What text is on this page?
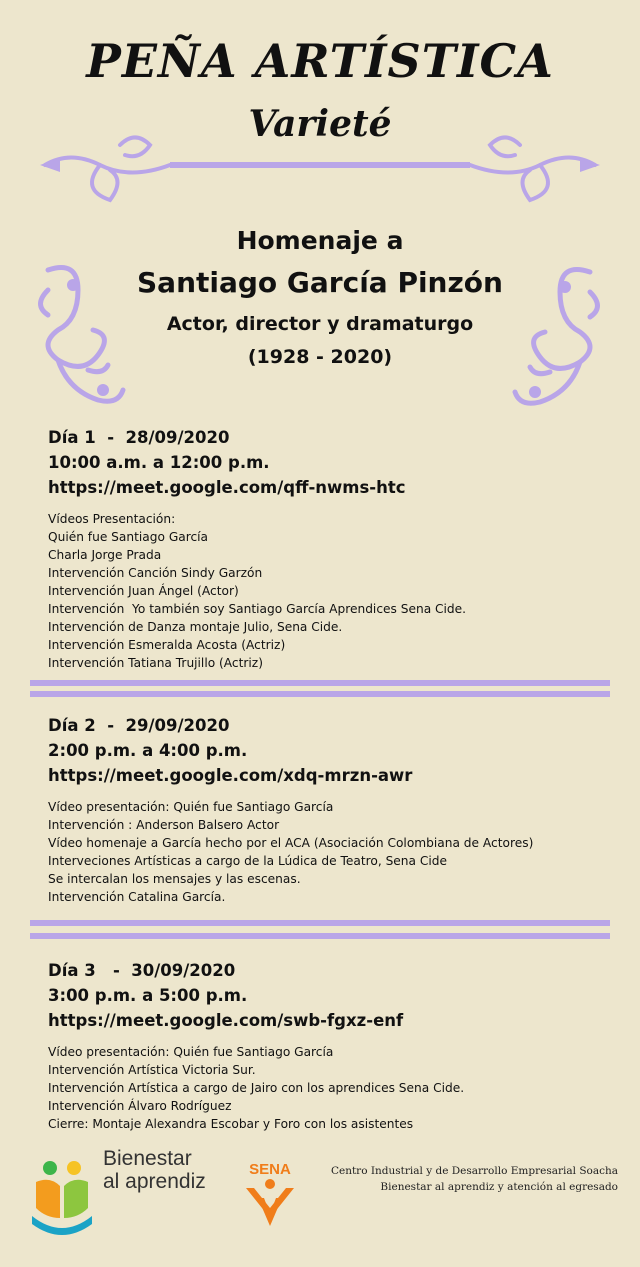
PEÑA ARTÍSTICA
Varieté
Homenaje a
Santiago García Pinzón
Actor, director y dramaturgo
(1928 - 2020)
Día 1  -  28/09/2020
10:00 a.m. a 12:00 p.m.
https://meet.google.com/qff-nwms-htc
Vídeos Presentación:
Quién fue Santiago García
Charla Jorge Prada
Intervención Canción Sindy Garzón
Intervención Juan Ángel (Actor)
Intervención  Yo también soy Santiago García Aprendices Sena Cide.
Intervención de Danza montaje Julio, Sena Cide.
Intervención Esmeralda Acosta (Actriz)
Intervención Tatiana Trujillo (Actriz)
Día 2  -  29/09/2020
2:00 p.m. a 4:00 p.m.
https://meet.google.com/xdq-mrzn-awr
Vídeo presentación: Quién fue Santiago García
Intervención : Anderson Balsero Actor
Vídeo homenaje a García hecho por el ACA (Asociación Colombiana de Actores)
Interveciones Artísticas a cargo de la Lúdica de Teatro, Sena Cide
Se intercalan los mensajes y las escenas.
Intervención Catalina García.
Día 3   -  30/09/2020
3:00 p.m. a 5:00 p.m.
https://meet.google.com/swb-fgxz-enf
Vídeo presentación: Quién fue Santiago García
Intervención Artística Victoria Sur.
Intervención Artística a cargo de Jairo con los aprendices Sena Cide.
Intervención Álvaro Rodríguez
Cierre: Montaje Alexandra Escobar y Foro con los asistentes
Bienestar
al aprendiz
SENA	Centro Industrial y de Desarrollo Empresarial Soacha
Bienestar al aprendiz y atención al egresado
